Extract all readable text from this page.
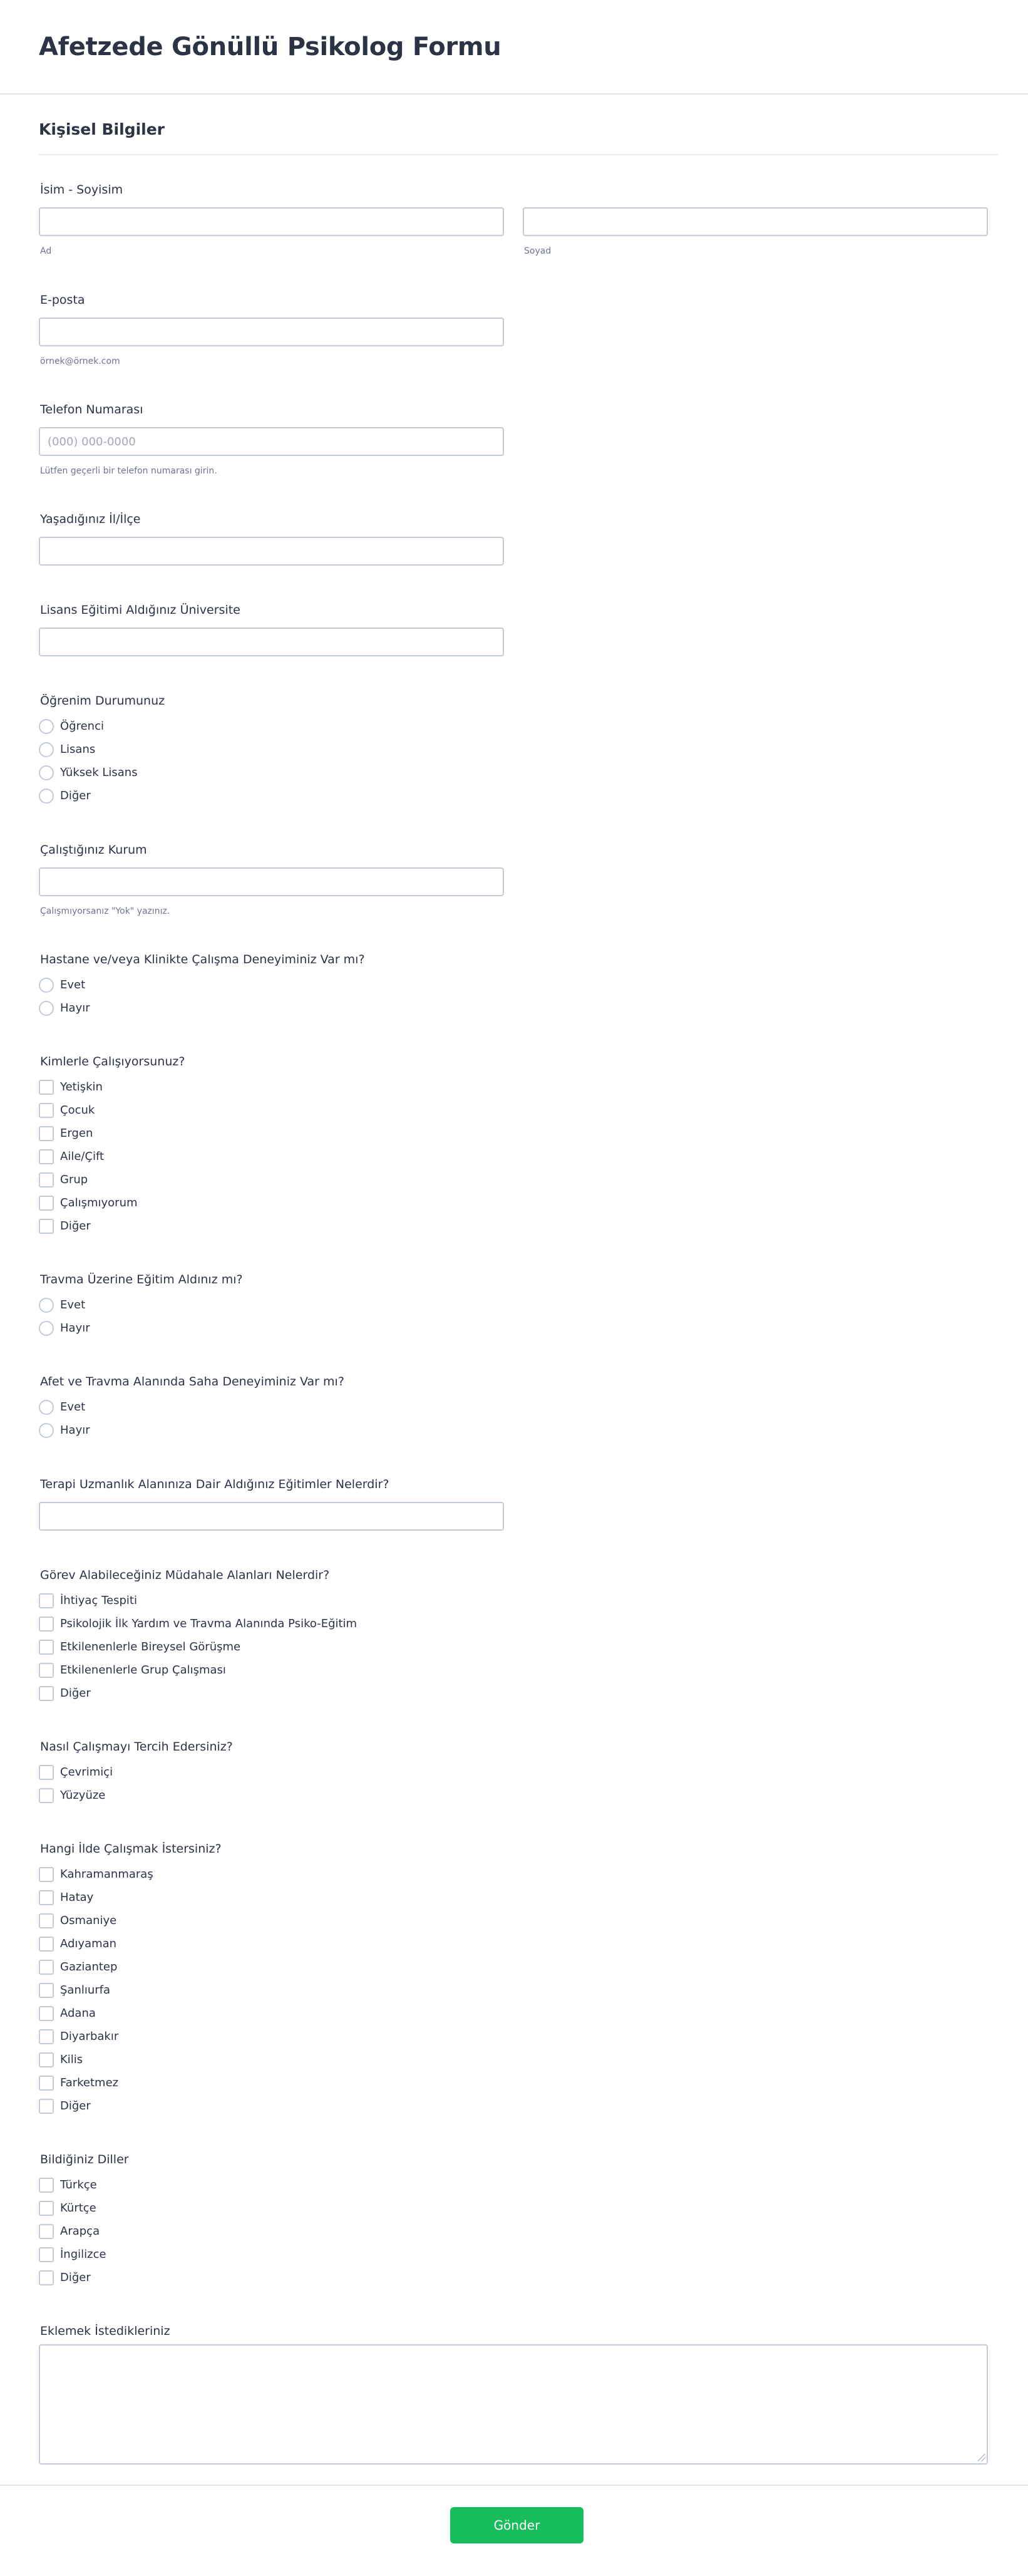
Afetzede Gönüllü Psikolog Formu
Kişisel Bilgiler
İsim - Soyisim
Ad	Soyad
E-posta
örnek@örnek.com
Telefon Numarası
(000) 000-0000
Lütfen geçerli bir telefon numarası girin.
Yaşadığınız İl/İlçe
Lisans Eğitimi Aldığınız Üniversite
Öğrenim Durumunuz
Öğrenci
Lisans
Yüksek Lisans
Diğer
Çalıştığınız Kurum
Çalışmıyorsanız "Yok" yazınız.
Hastane ve/veya Klinikte Çalışma Deneyiminiz Var mı?
Evet
Hayır
Kimlerle Çalışıyorsunuz?
Yetişkin
Çocuk
Ergen
Aile/Çift
Grup
Çalışmıyorum
Diğer
Travma Üzerine Eğitim Aldınız mı?
Evet
Hayır
Afet ve Travma Alanında Saha Deneyiminiz Var mı?
Evet
Hayır
Terapi Uzmanlık Alanınıza Dair Aldığınız Eğitimler Nelerdir?
Görev Alabileceğiniz Müdahale Alanları Nelerdir?
İhtiyaç Tespiti
Psikolojik İlk Yardım ve Travma Alanında Psiko-Eğitim
Etkilenenlerle Bireysel Görüşme
Etkilenenlerle Grup Çalışması
Diğer
Nasıl Çalışmayı Tercih Edersiniz?
Çevrimiçi
Yüzyüze
Hangi İlde Çalışmak İstersiniz?
Kahramanmaraş
Hatay
Osmaniye
Adıyaman
Gaziantep
Şanlıurfa
Adana
Diyarbakır
Kilis
Farketmez
Diğer
Bildiğiniz Diller
Türkçe
Kürtçe
Arapça
İngilizce
Diğer
Eklemek İstedikleriniz
Gönder
